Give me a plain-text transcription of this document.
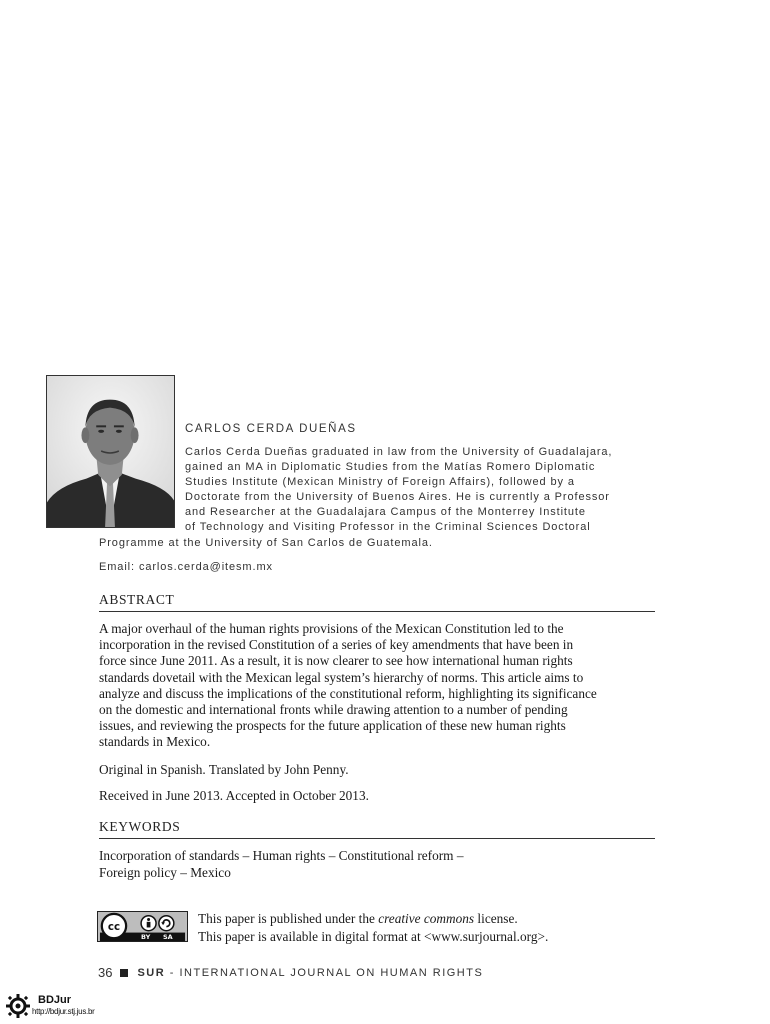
CARLOS CERDA DUEÑAS
Carlos Cerda Dueñas graduated in law from the University of Guadalajara,
gained an MA in Diplomatic Studies from the Matías Romero Diplomatic
Studies Institute (Mexican Ministry of Foreign Affairs), followed by a
Doctorate from the University of Buenos Aires. He is currently a Professor
and Researcher at the Guadalajara Campus of the Monterrey Institute
of Technology and Visiting Professor in the Criminal Sciences Doctoral
Programme at the University of San Carlos de Guatemala.
Email: carlos.cerda@itesm.mx
ABSTRACT
A major overhaul of the human rights provisions of the Mexican Constitution led to the
incorporation in the revised Constitution of a series of key amendments that have been in
force since June 2011. As a result, it is now clearer to see how international human rights
standards dovetail with the Mexican legal system’s hierarchy of norms. This article aims to
analyze and discuss the implications of the constitutional reform, highlighting its significance
on the domestic and international fronts while drawing attention to a number of pending
issues, and reviewing the prospects for the future application of these new human rights
standards in Mexico.
Original in Spanish. Translated by John Penny.
Received in June 2013. Accepted in October 2013.
KEYWORDS
Incorporation of standards – Human rights – Constitutional reform –
Foreign policy – Mexico
cc
BY SA
This paper is published under the creative commons license.
This paper is available in digital format at <www.surjournal.org>.
36 SUR - INTERNATIONAL JOURNAL ON HUMAN RIGHTS
BDJur
http://bdjur.stj.jus.br
